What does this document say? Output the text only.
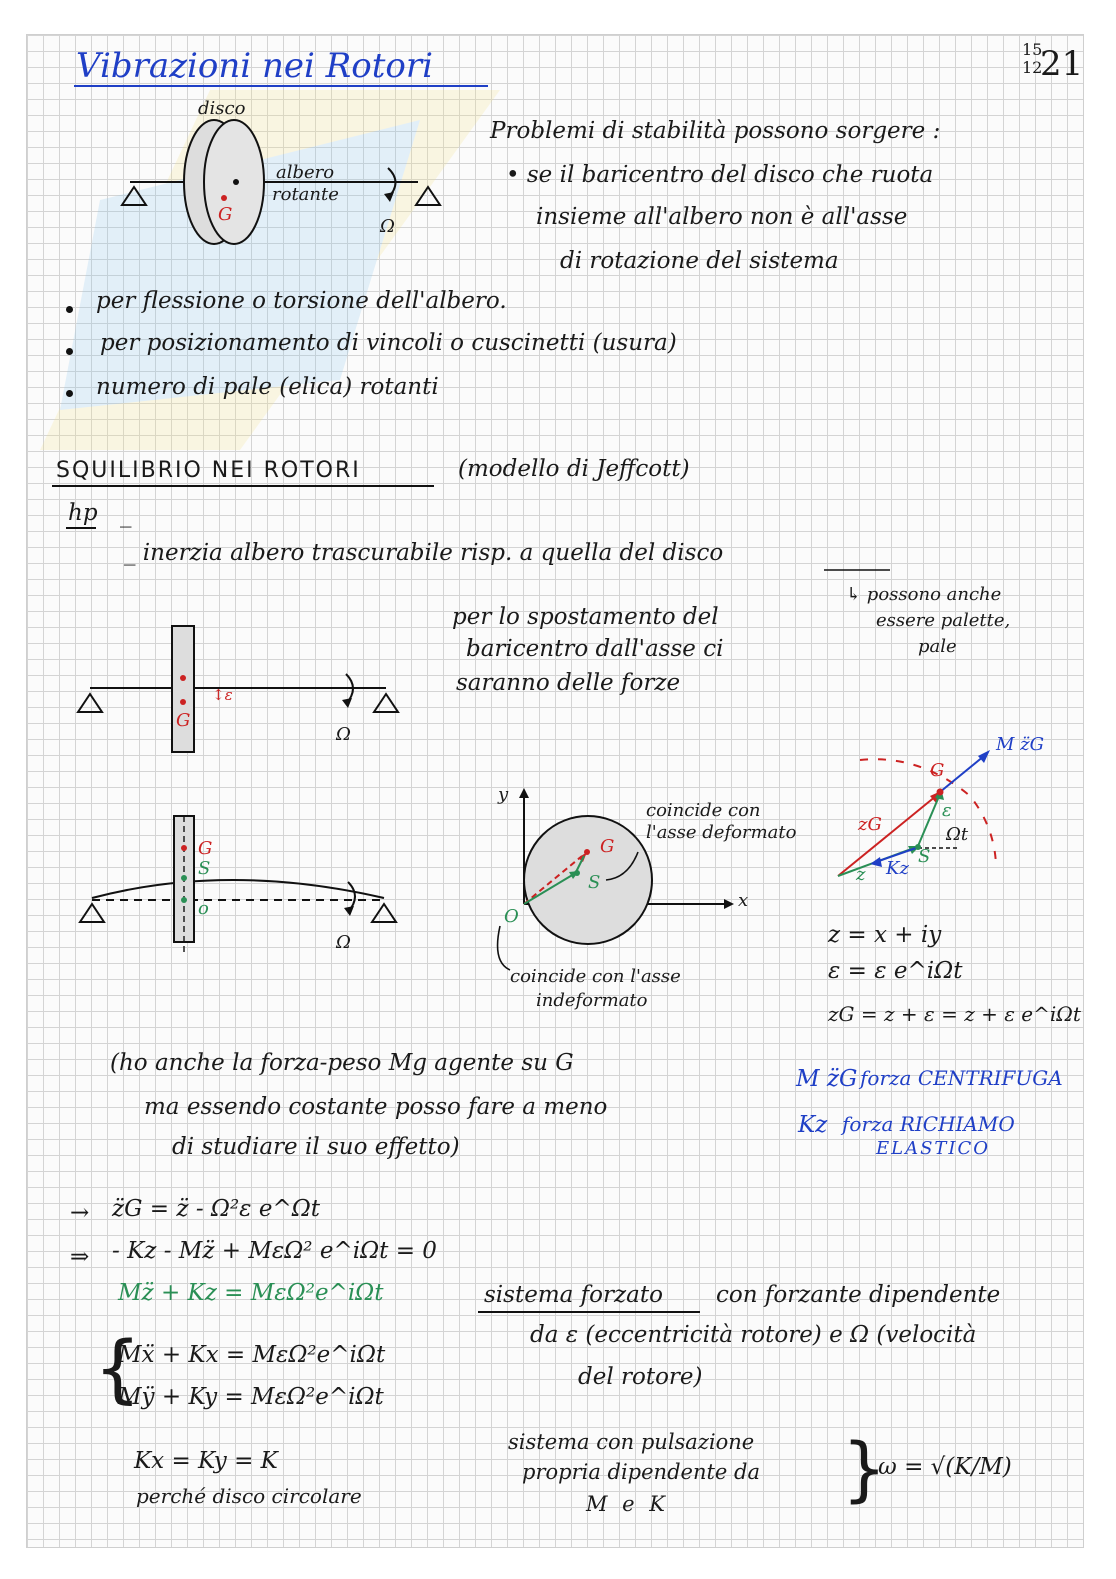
Vibrazioni nei Rotori	15
12
21
disco
albero
rotante
G
Ω
Problemi di stabilità possono sorgere :
• se il baricentro del disco che ruota
insieme all'albero non è all'asse
di rotazione del sistema
per flessione o torsione dell'albero.
per posizionamento di vincoli o cuscinetti (usura)
numero di pale (elica) rotanti
SQUILIBRIO NEI ROTORI	(modello di Jeffcott)
hp _
_ inerzia albero trascurabile risp. a quella del disco
↳ possono anche
essere palette,
pale
G
↕ε
Ω
per lo spostamento del
baricentro dall'asse ci
saranno delle forze
G
S
o
Ω
y
x
O
G
S
coincide con
l'asse deformato
coincide con l'asse
indeformato
M z̈G
G
zG
ε
Ωt
S
Kz
z
z = x + iy
ε = ε e^iΩt
zG = z + ε = z + ε e^iΩt
(ho anche la forza-peso Mg agente su G
ma essendo costante posso fare a meno
di studiare il suo effetto)
M z̈G forza CENTRIFUGA
Kz forza RICHIAMO
ELASTICO
→ z̈G = z̈ - Ω²ε e^Ωt
⇒ - Kz - Mz̈ + MεΩ² e^iΩt = 0
Mz̈ + Kz = MεΩ²e^iΩt
{
Mẍ + Kx = MεΩ²e^iΩt
Mÿ + Ky = MεΩ²e^iΩt
Kx = Ky = K
perché disco circolare
sistema forzato con forzante dipendente
da ε (eccentricità rotore) e Ω (velocità
del rotore)
sistema con pulsazione
propria dipendente da
M e K }
ω = √(K/M)
